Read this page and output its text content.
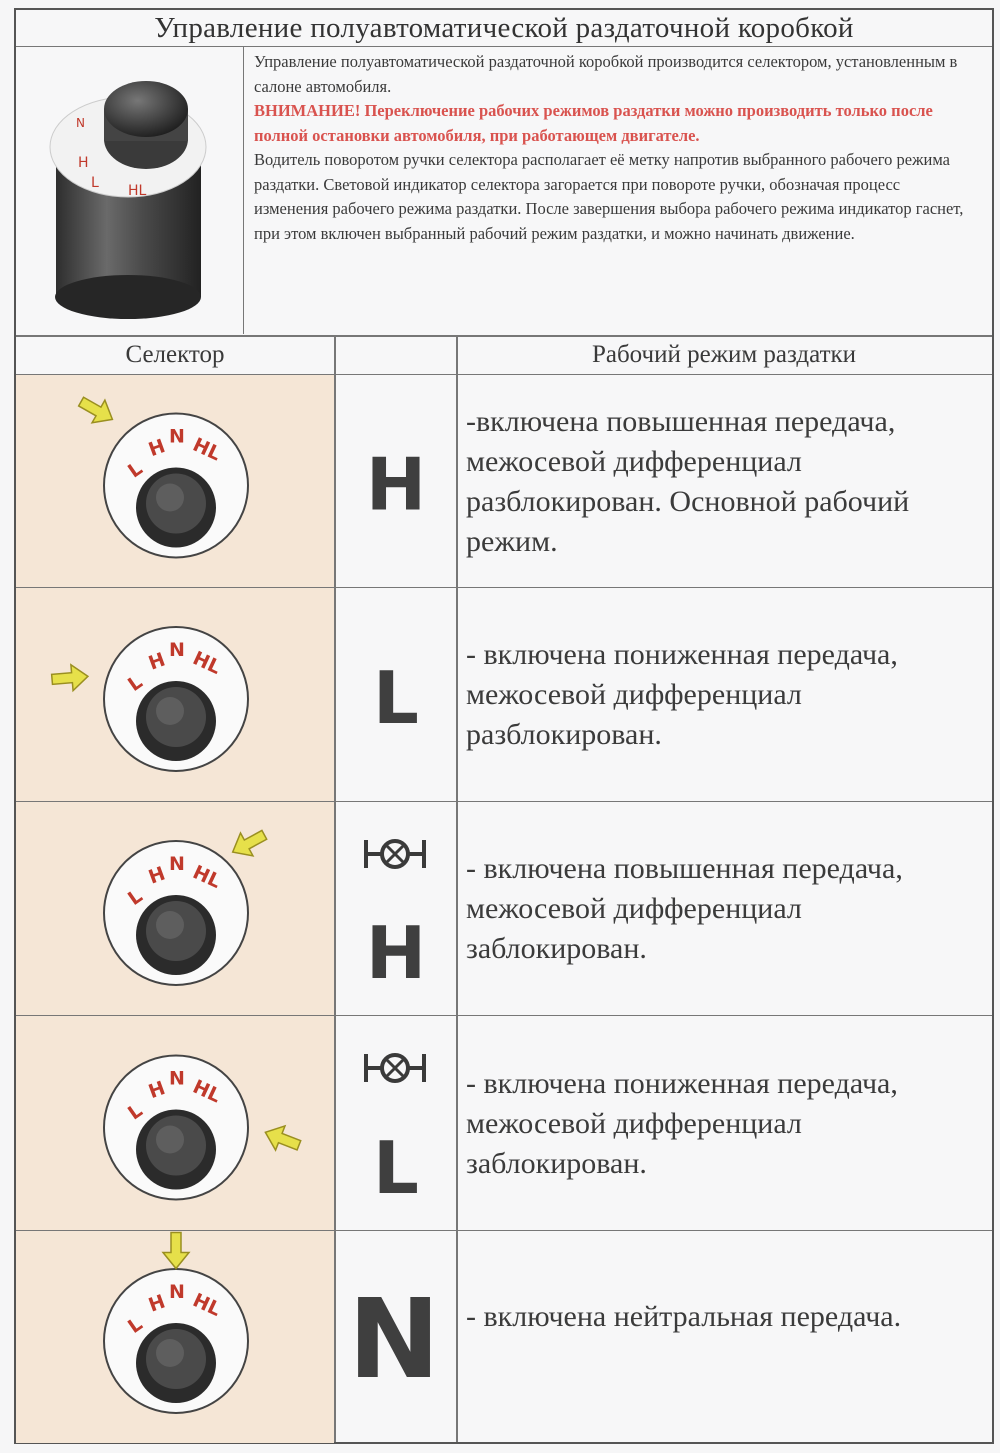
Управление полуавтоматической раздаточной коробкой
N
H
L HL
Управление полуавтоматической раздаточной коробкой производится селектором, установленным в салоне автомобиля.
ВНИМАНИЕ! Переключение рабочих режимов раздатки можно производить только после полной остановки автомобиля, при работающем двигателе.
Водитель поворотом ручки селектора располагает её метку напротив выбранного рабочего режима раздатки. Световой индикатор селектора загорается при повороте ручки, обозначая процесс изменения рабочего режима раздатки. После завершения выбора рабочего режима индикатор гаснет, при этом включен выбранный рабочий режим раздатки, и можно начинать движение.
Селектор	Рабочий режим раздатки
L
H N HL H
-включена повышенная передача, межосевой дифференциал разблокирован. Основной рабочий режим.
L
H N HL L
- включена пониженная передача, межосевой дифференциал разблокирован.
L
H N HL
H
- включена повышенная передача, межосевой дифференциал заблокирован.
L
H N HL
L
- включена пониженная передача, межосевой дифференциал заблокирован.
L
H N HL N - включена нейтральная передача.
